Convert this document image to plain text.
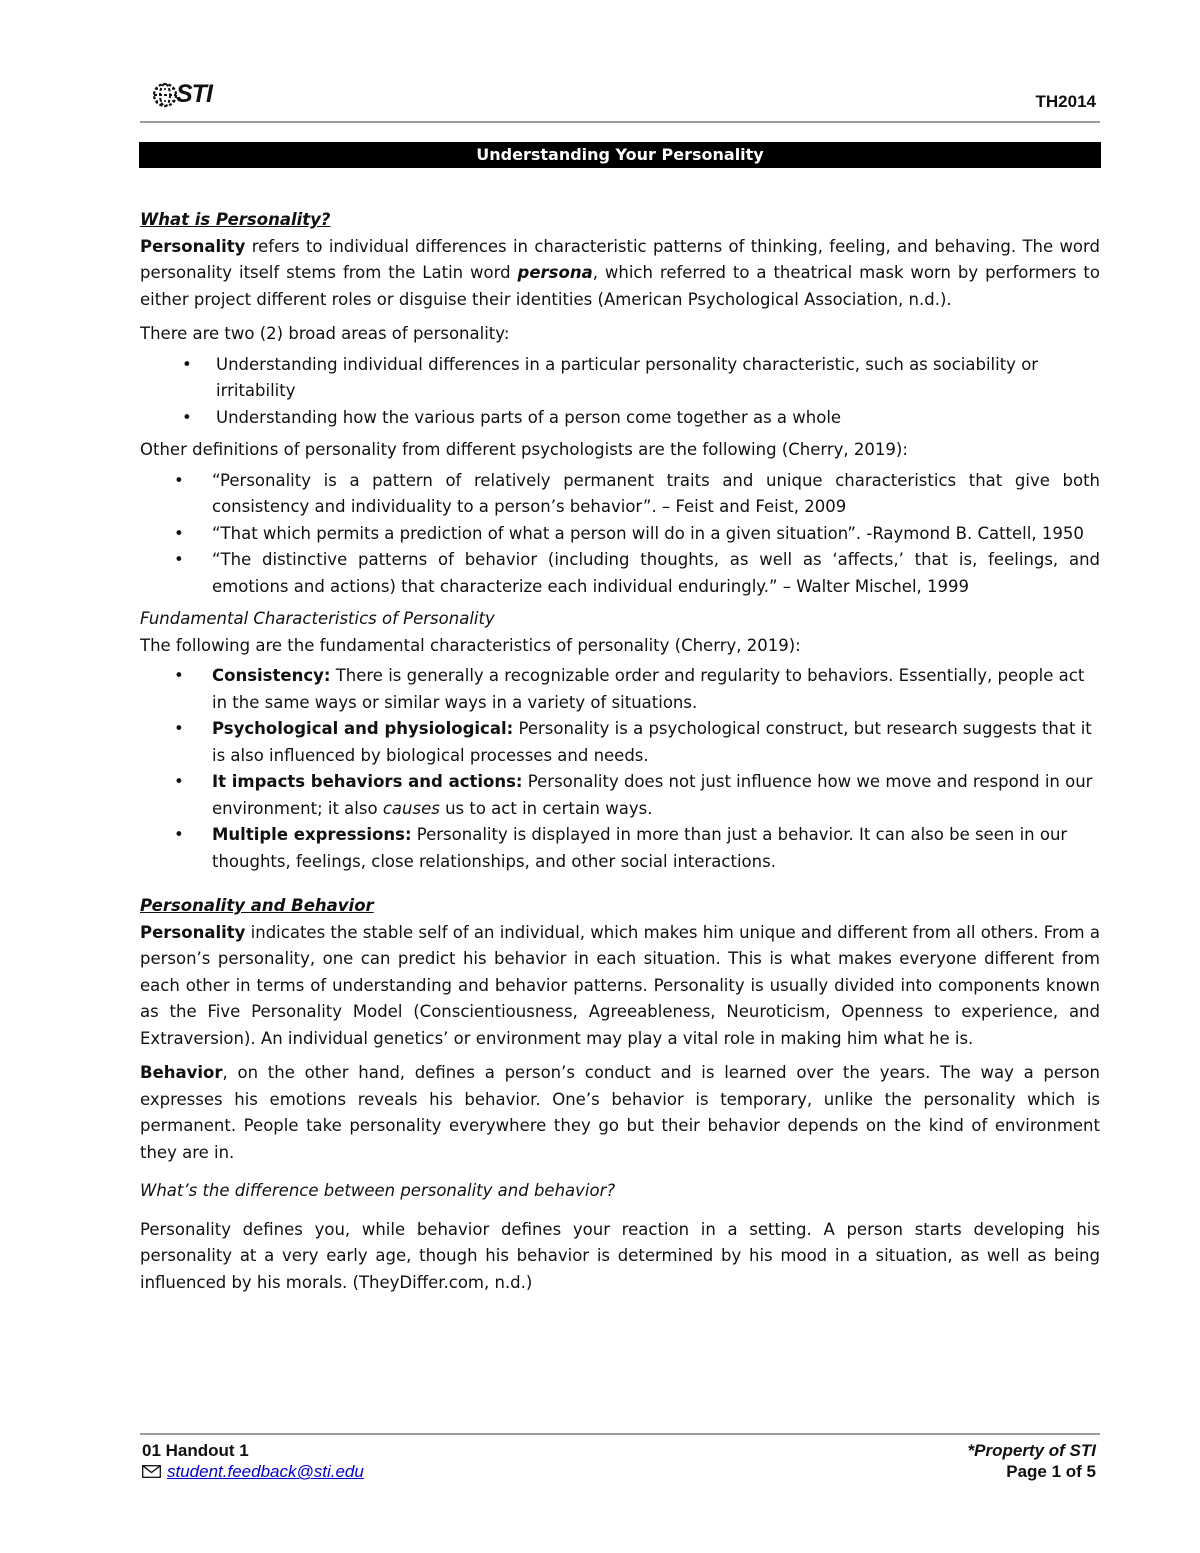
STI	TH2014
Understanding Your Personality

What is Personality?

Personality refers to individual differences in characteristic patterns of thinking, feeling, and behaving. The word personality itself stems from the Latin word persona, which referred to a theatrical mask worn by performers to either project different roles or disguise their identities (American Psychological Association, n.d.).

There are two (2) broad areas of personality:

• Understanding individual differences in a particular personality characteristic, such as sociability or irritability
• Understanding how the various parts of a person come together as a whole

Other definitions of personality from different psychologists are the following (Cherry, 2019):

• “Personality is a pattern of relatively permanent traits and unique characteristics that give both consistency and individuality to a person’s behavior”. – Feist and Feist, 2009
• “That which permits a prediction of what a person will do in a given situation”. -Raymond B. Cattell, 1950
• “The distinctive patterns of behavior (including thoughts, as well as ‘affects,’ that is, feelings, and emotions and actions) that characterize each individual enduringly.” – Walter Mischel, 1999

Fundamental Characteristics of Personality

The following are the fundamental characteristics of personality (Cherry, 2019):

• Consistency: There is generally a recognizable order and regularity to behaviors. Essentially, people act in the same ways or similar ways in a variety of situations.
• Psychological and physiological: Personality is a psychological construct, but research suggests that it is also influenced by biological processes and needs.
• It impacts behaviors and actions: Personality does not just influence how we move and respond in our environment; it also causes us to act in certain ways.
• Multiple expressions: Personality is displayed in more than just a behavior. It can also be seen in our thoughts, feelings, close relationships, and other social interactions.

Personality and Behavior

Personality indicates the stable self of an individual, which makes him unique and different from all others. From a person’s personality, one can predict his behavior in each situation. This is what makes everyone different from each other in terms of understanding and behavior patterns. Personality is usually divided into components known as the Five Personality Model (Conscientiousness, Agreeableness, Neuroticism, Openness to experience, and Extraversion). An individual genetics’ or environment may play a vital role in making him what he is.

Behavior, on the other hand, defines a person’s conduct and is learned over the years. The way a person expresses his emotions reveals his behavior. One’s behavior is temporary, unlike the personality which is permanent. People take personality everywhere they go but their behavior depends on the kind of environment they are in.

What’s the difference between personality and behavior?

Personality defines you, while behavior defines your reaction in a setting. A person starts developing his personality at a very early age, though his behavior is determined by his mood in a situation, as well as being influenced by his morals. (TheyDiffer.com, n.d.)

01 Handout 1
student.feedback@sti.edu
*Property of STI
Page 1 of 5
